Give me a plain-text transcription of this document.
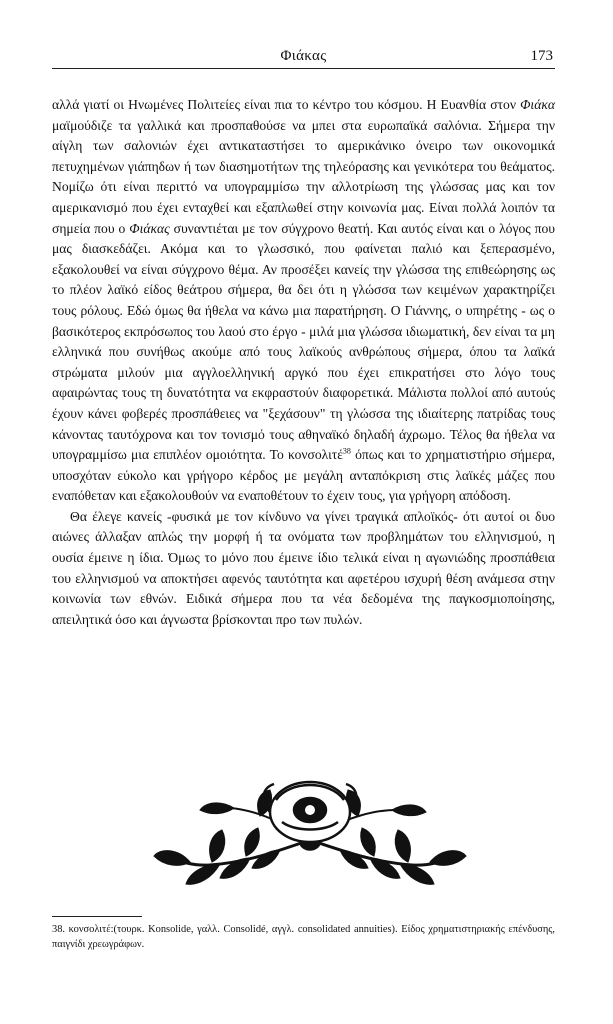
Φιάκας	173

αλλά γιατί οι Ηνωμένες Πολιτείες είναι πια το κέντρο του κόσμου. Η Ευανθία στον Φιάκα μαϊμούδιζε τα γαλλικά και προσπαθούσε να μπει στα ευρωπαϊκά σαλόνια. Σήμερα την αίγλη των σαλονιών έχει αντικαταστήσει το αμερικάνικο όνειρο των οικονομικά πετυχημένων γιάπηδων ή των διασημοτήτων της τηλεόρασης και γενικότερα του θεάματος. Νομίζω ότι είναι περιττό να υπογραμμίσω την αλλοτρίωση της γλώσσας μας και τον αμερικανισμό που έχει ενταχθεί και εξαπλωθεί στην κοινωνία μας. Είναι πολλά λοιπόν τα σημεία που ο Φιάκας συναντιέται με τον σύγχρονο θεατή. Και αυτός είναι και ο λόγος που μας διασκεδάζει. Ακόμα και το γλωσσικό, που φαίνεται παλιό και ξεπερασμένο, εξακολουθεί να είναι σύγχρονο θέμα. Αν προσέξει κανείς την γλώσσα της επιθεώρησης ως το πλέον λαϊκό είδος θεάτρου σήμερα, θα δει ότι η γλώσσα των κειμένων χαρακτηρίζει τους ρόλους. Εδώ όμως θα ήθελα να κάνω μια παρατήρηση. Ο Γιάννης, ο υπηρέτης - ως ο βασικότερος εκπρόσωπος του λαού στο έργο - μιλά μια γλώσσα ιδιωματική, δεν είναι τα μη ελληνικά που συνήθως ακούμε από τους λαϊκούς ανθρώπους σήμερα, όπου τα λαϊκά στρώματα μιλούν μια αγγλοελληνική αργκό που έχει επικρατήσει στο λόγο τους αφαιρώντας τους τη δυνατότητα να εκφραστούν διαφορετικά. Μάλιστα πολλοί από αυτούς έχουν κάνει φοβερές προσπάθειες να "ξεχάσουν" τη γλώσσα της ιδιαίτερης πατρίδας τους κάνοντας ταυτόχρονα και τον τονισμό τους αθηναϊκό δηλαδή άχρωμο. Τέλος θα ήθελα να υπογραμμίσω μια επιπλέον ομοιότητα. Το κονσολιτέ$^{38}$ όπως και το χρηματιστήριο σήμερα, υποσχόταν εύκολο και γρήγορο κέρδος με μεγάλη ανταπόκριση στις λαϊκές μάζες που εναπόθεταν και εξακολουθούν να εναποθέτουν το έχειν τους, για γρήγορη απόδοση.

Θα έλεγε κανείς -φυσικά με τον κίνδυνο να γίνει τραγικά απλοϊκός- ότι αυτοί οι δυο αιώνες άλλαξαν απλώς την μορφή ή τα ονόματα των προβλημάτων του ελληνισμού, η ουσία έμεινε η ίδια. Όμως το μόνο που έμεινε ίδιο τελικά είναι η αγωνιώδης προσπάθεια του ελληνισμού να αποκτήσει αφενός ταυτότητα και αφετέρου ισχυρή θέση ανάμεσα στην κοινωνία των εθνών. Ειδικά σήμερα που τα νέα δεδομένα της παγκοσμιοποίησης, απειλητικά όσο και άγνωστα βρίσκονται προ των πυλών.

38. κονσολιτέ:(τουρκ. Konsolide, γαλλ. Consolidé, αγγλ. consolidated annuities). Είδος χρηματιστηριακής επένδυσης, παιγνίδι χρεωγράφων.
